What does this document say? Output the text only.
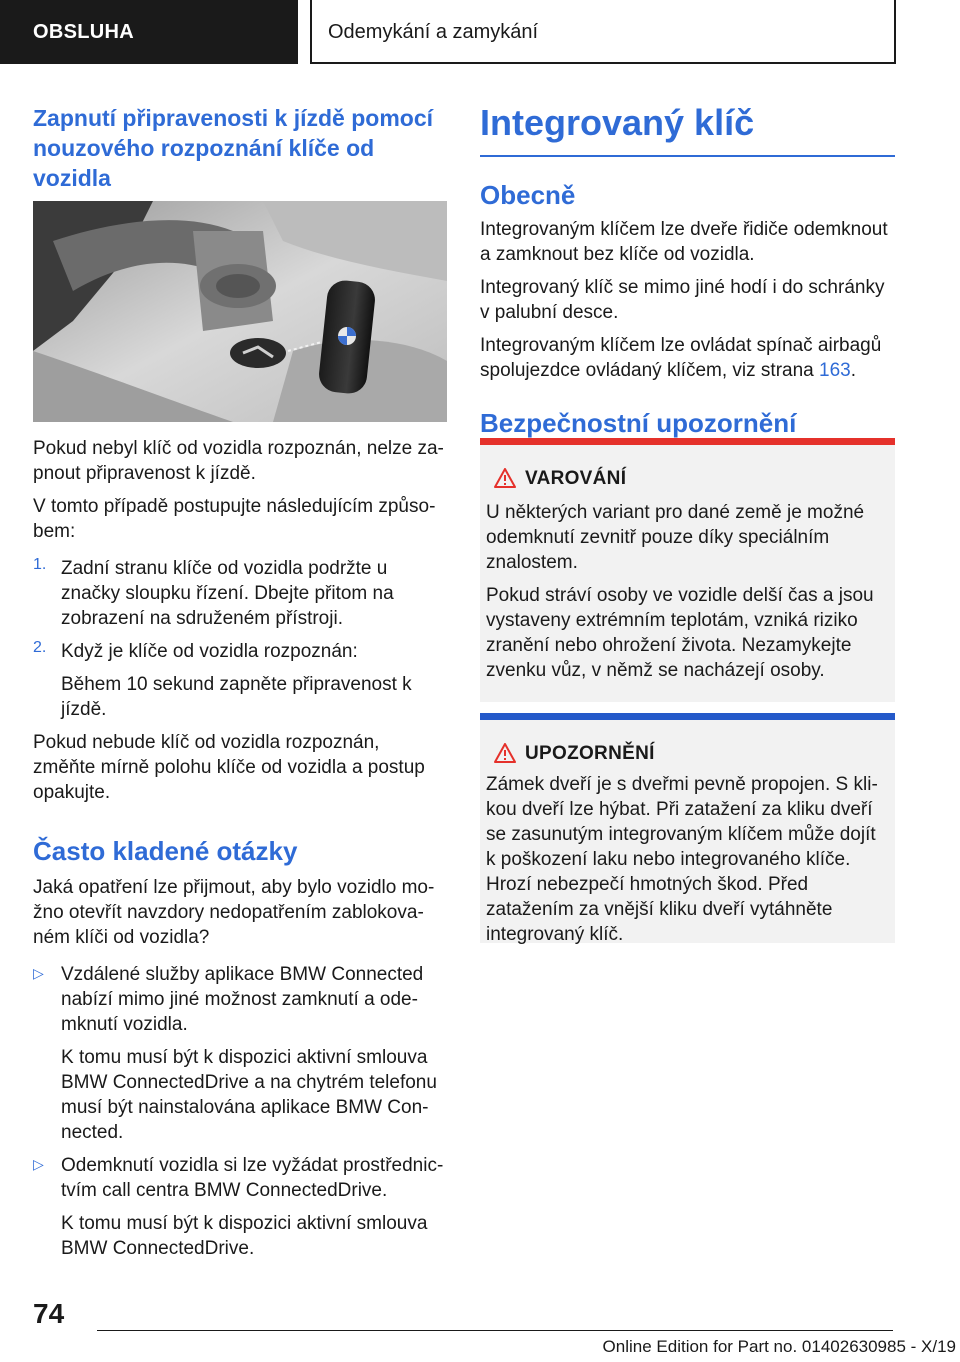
OBSLUHA	Odemykání a zamykání
Zapnutí připravenosti k jízdě pomocí nouzového rozpoznání klíče od vozidla

Pokud nebyl klíč od vozidla rozpoznán, nelze zapnout připravenost k jízdě.

V tomto případě postupujte následujícím způsobem:

1. Zadní stranu klíče od vozidla podržte u značky sloupku řízení. Dbejte přitom na zobrazení na sdruženém přístroji.

2. Když je klíče od vozidla rozpoznán:

Během 10 sekund zapněte připravenost k jízdě.

Pokud nebude klíč od vozidla rozpoznán, změňte mírně polohu klíče od vozidla a postup opakujte.

Často kladené otázky

Jaká opatření lze přijmout, aby bylo vozidlo možno otevřít navzdory nedopatřením zablokovaném klíči od vozidla?

▷ Vzdálené služby aplikace BMW Connected nabízí mimo jiné možnost zamknutí a odemknutí vozidla.

K tomu musí být k dispozici aktivní smlouva BMW ConnectedDrive a na chytrém telefonu musí být nainstalována aplikace BMW Connected.

▷ Odemknutí vozidla si lze vyžádat prostřednictvím call centra BMW ConnectedDrive.

K tomu musí být k dispozici aktivní smlouva BMW ConnectedDrive.

Integrovaný klíč
Obecně

Integrovaným klíčem lze dveře řidiče odemknout a zamknout bez klíče od vozidla.

Integrovaný klíč se mimo jiné hodí i do schránky v palubní desce.

Integrovaným klíčem lze ovládat spínač airbagů spolujezdce ovládaný klíčem, viz strana 163.

Bezpečnostní upozornění
VAROVÁNÍ

U některých variant pro dané země je možné odemknutí zevnitř pouze díky speciálním znalostem.

Pokud stráví osoby ve vozidle delší čas a jsou vystaveny extrémním teplotám, vzniká riziko zranění nebo ohrožení života. Nezamykejte zvenku vůz, v němž se nacházejí osoby.

UPOZORNĚNÍ

Zámek dveří je s dveřmi pevně propojen. S klikou dveří lze hýbat. Při zatažení za kliku dveří se zasunutým integrovaným klíčem může dojít k poškození laku nebo integrovaného klíče. Hrozí nebezpečí hmotných škod. Před zatažením za vnější kliku dveří vytáhněte integrovaný klíč.

74
Online Edition for Part no. 01402630985 - X/19
